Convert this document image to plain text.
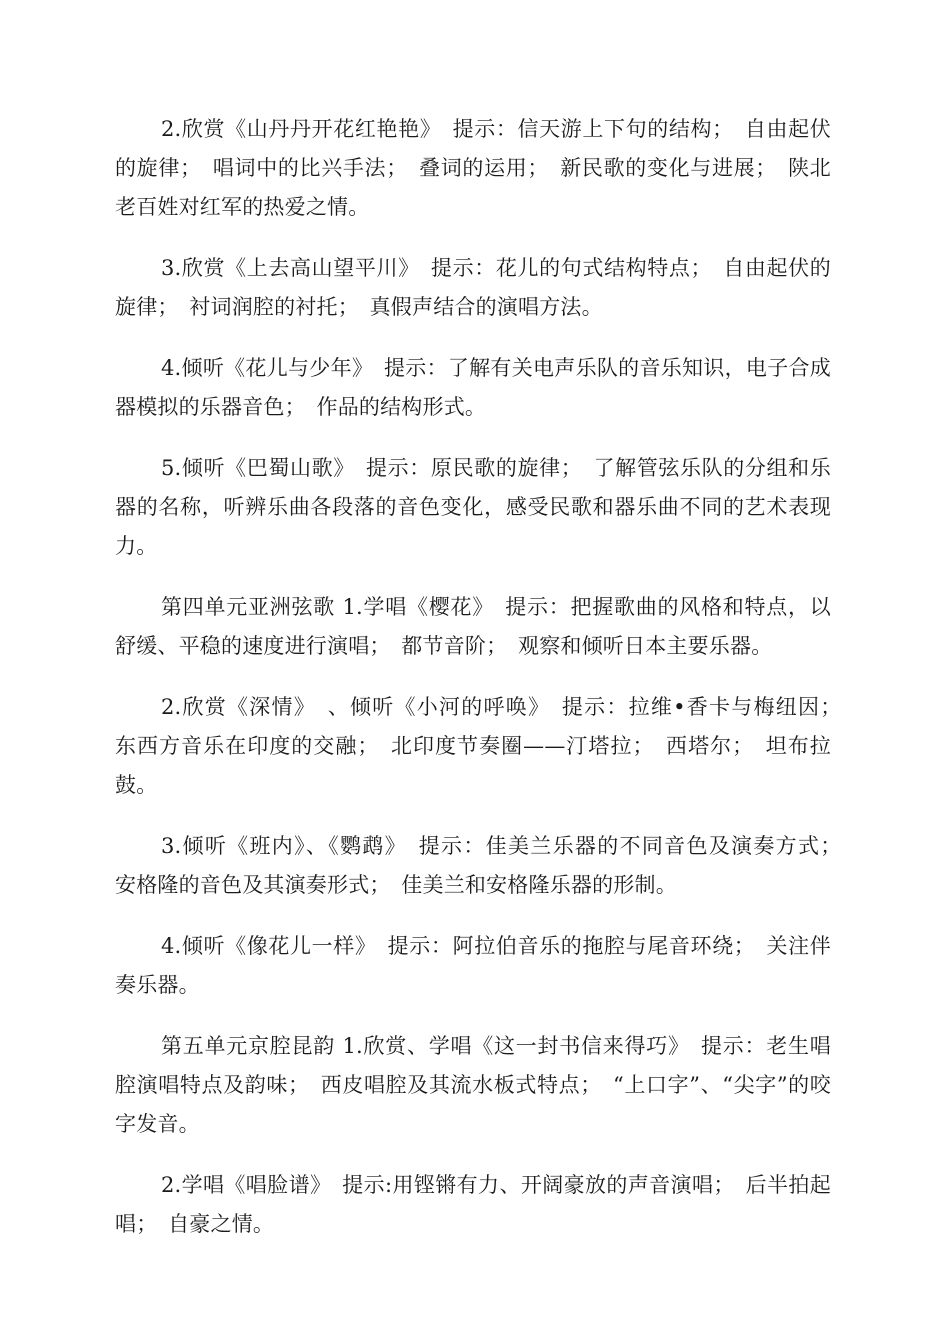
2.欣赏《山丹丹开花红艳艳》　提示：信天游上下句的结构；　自由起伏的旋律；　唱词中的比兴手法；　叠词的运用；　新民歌的变化与进展；　陕北老百姓对红军的热爱之情。

3.欣赏《上去高山望平川》　提示：花儿的句式结构特点；　自由起伏的旋律；　衬词润腔的衬托；　真假声结合的演唱方法。

4.倾听《花儿与少年》　提示：了解有关电声乐队的音乐知识，电子合成器模拟的乐器音色；　作品的结构形式。

5.倾听《巴蜀山歌》　提示：原民歌的旋律；　了解管弦乐队的分组和乐器的名称，听辨乐曲各段落的音色变化，感受民歌和器乐曲不同的艺术表现力。

第四单元亚洲弦歌 1.学唱《樱花》　提示：把握歌曲的风格和特点，以舒缓、平稳的速度进行演唱；　都节音阶；　观察和倾听日本主要乐器。

2.欣赏《深情》　、倾听《小河的呼唤》　提示：拉维•香卡与梅纽因；　东西方音乐在印度的交融；　北印度节奏圈——汀塔拉；　西塔尔；　坦布拉鼓。

3.倾听《班内》、《鹦鹉》　提示：佳美兰乐器的不同音色及演奏方式；　安格隆的音色及其演奏形式；　佳美兰和安格隆乐器的形制。

4.倾听《像花儿一样》　提示：阿拉伯音乐的拖腔与尾音环绕；　关注伴奏乐器。

第五单元京腔昆韵 1.欣赏、学唱《这一封书信来得巧》　提示：老生唱腔演唱特点及韵味；　西皮唱腔及其流水板式特点；　“上口字”、“尖字”的咬字发音。

2.学唱《唱脸谱》　提示:用铿锵有力、开阔豪放的声音演唱；　后半拍起唱；　自豪之情。
